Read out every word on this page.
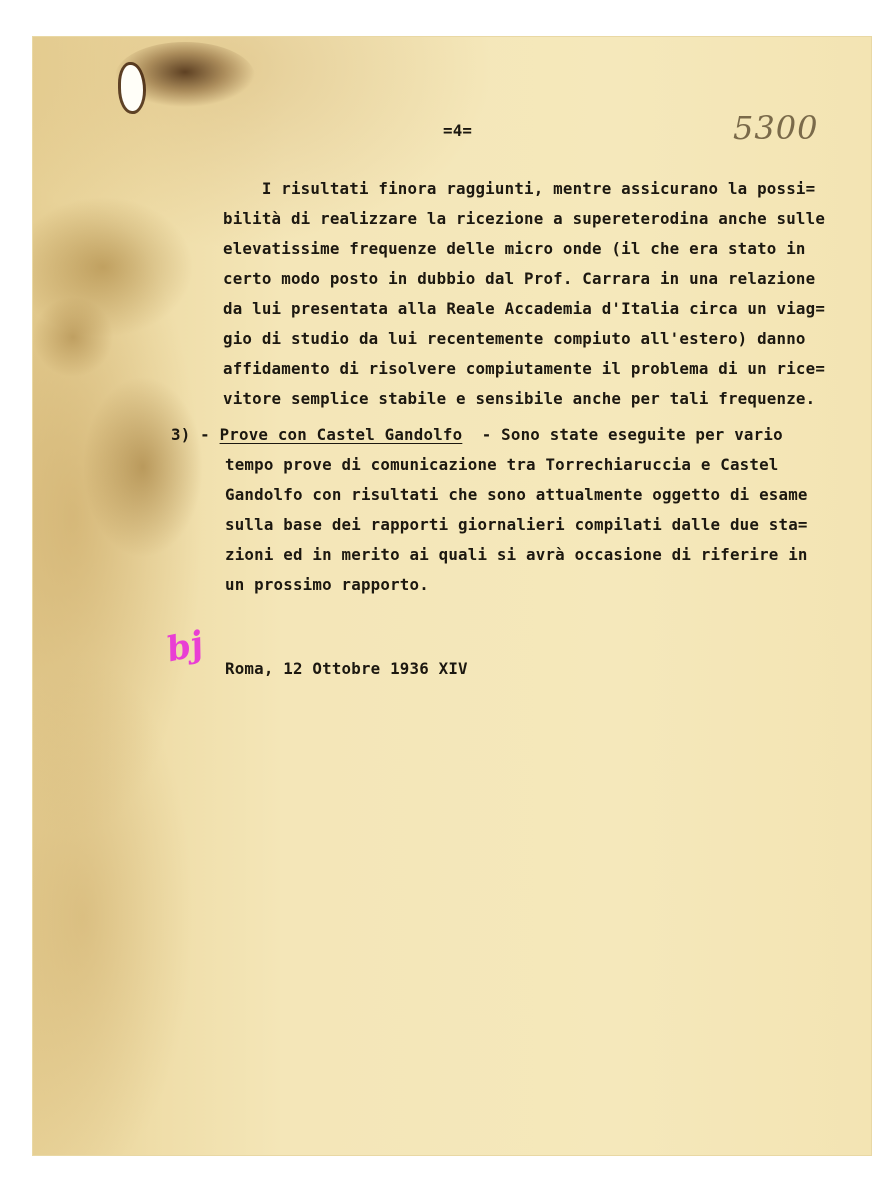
=4=	5300
I risultati finora raggiunti, mentre assicurano la possi=
bilità di realizzare la ricezione a supereterodina anche sulle
elevatissime frequenze delle micro onde (il che era stato in
certo modo posto in dubbio dal Prof. Carrara in una relazione
da lui presentata alla Reale Accademia d'Italia circa un viag=
gio di studio da lui recentemente compiuto all'estero) danno
affidamento di risolvere compiutamente il problema di un rice=
vitore semplice stabile e sensibile anche per tali frequenze.
3) - Prove con Castel Gandolfo  - Sono state eseguite per vario
tempo prove di comunicazione tra Torrechiaruccia e Castel
Gandolfo con risultati che sono attualmente oggetto di esame
sulla base dei rapporti giornalieri compilati dalle due sta=
zioni ed in merito ai quali si avrà occasione di riferire in
un prossimo rapporto.
bj Roma, 12 Ottobre 1936 XIV
